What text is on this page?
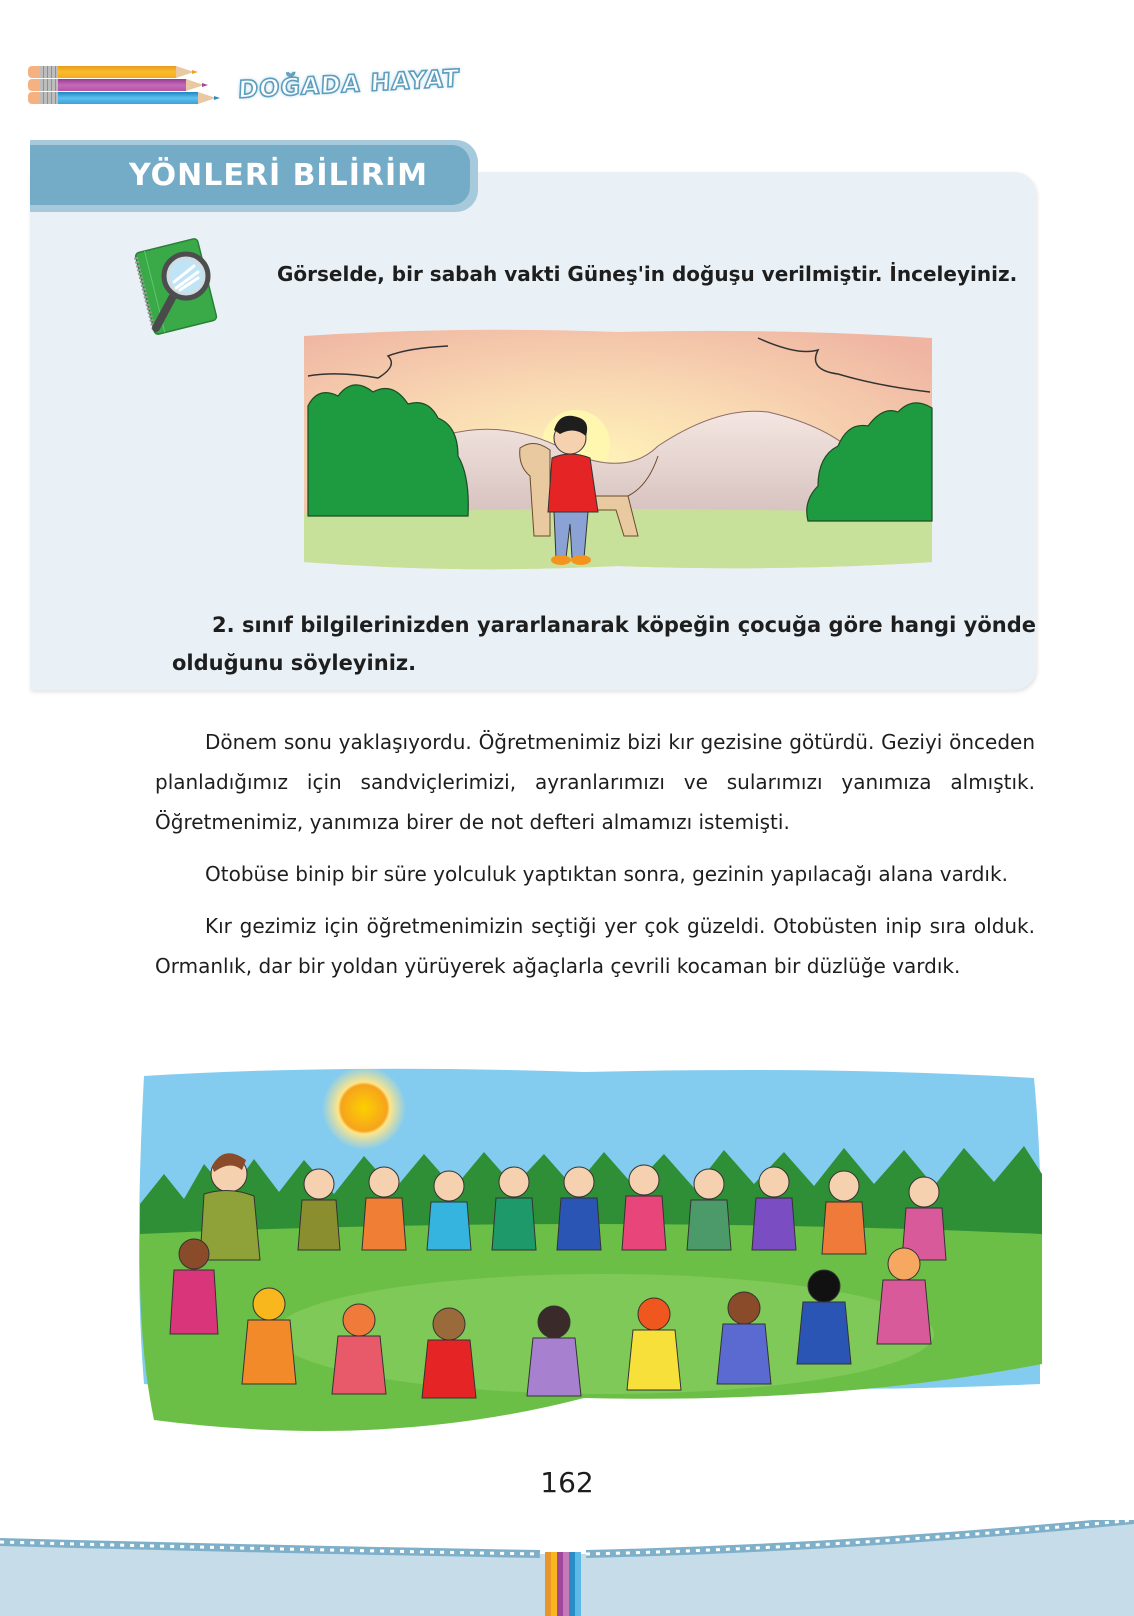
DOĞADA HAYAT
YÖNLERİ BİLİRİM
Görselde, bir sabah vakti Güneş'in doğuşu verilmiştir. İnceleyiniz.
2. sınıf bilgilerinizden yararlanarak köpeğin çocuğa göre hangi yönde
olduğunu söyleyiniz.

Dönem sonu yaklaşıyordu. Öğretmenimiz bizi kır gezisine götürdü. Geziyi önceden planladığımız için sandviçlerimizi, ayranlarımızı ve sularımızı yanımıza almıştık. Öğretmenimiz, yanımıza birer de not defteri almamızı istemişti.

Otobüse binip bir süre yolculuk yaptıktan sonra, gezinin yapılacağı alana vardık.

Kır gezimiz için öğretmenimizin seçtiği yer çok güzeldi. Otobüsten inip sıra olduk. Ormanlık, dar bir yoldan yürüyerek ağaçlarla çevrili kocaman bir düzlüğe vardık.

162
